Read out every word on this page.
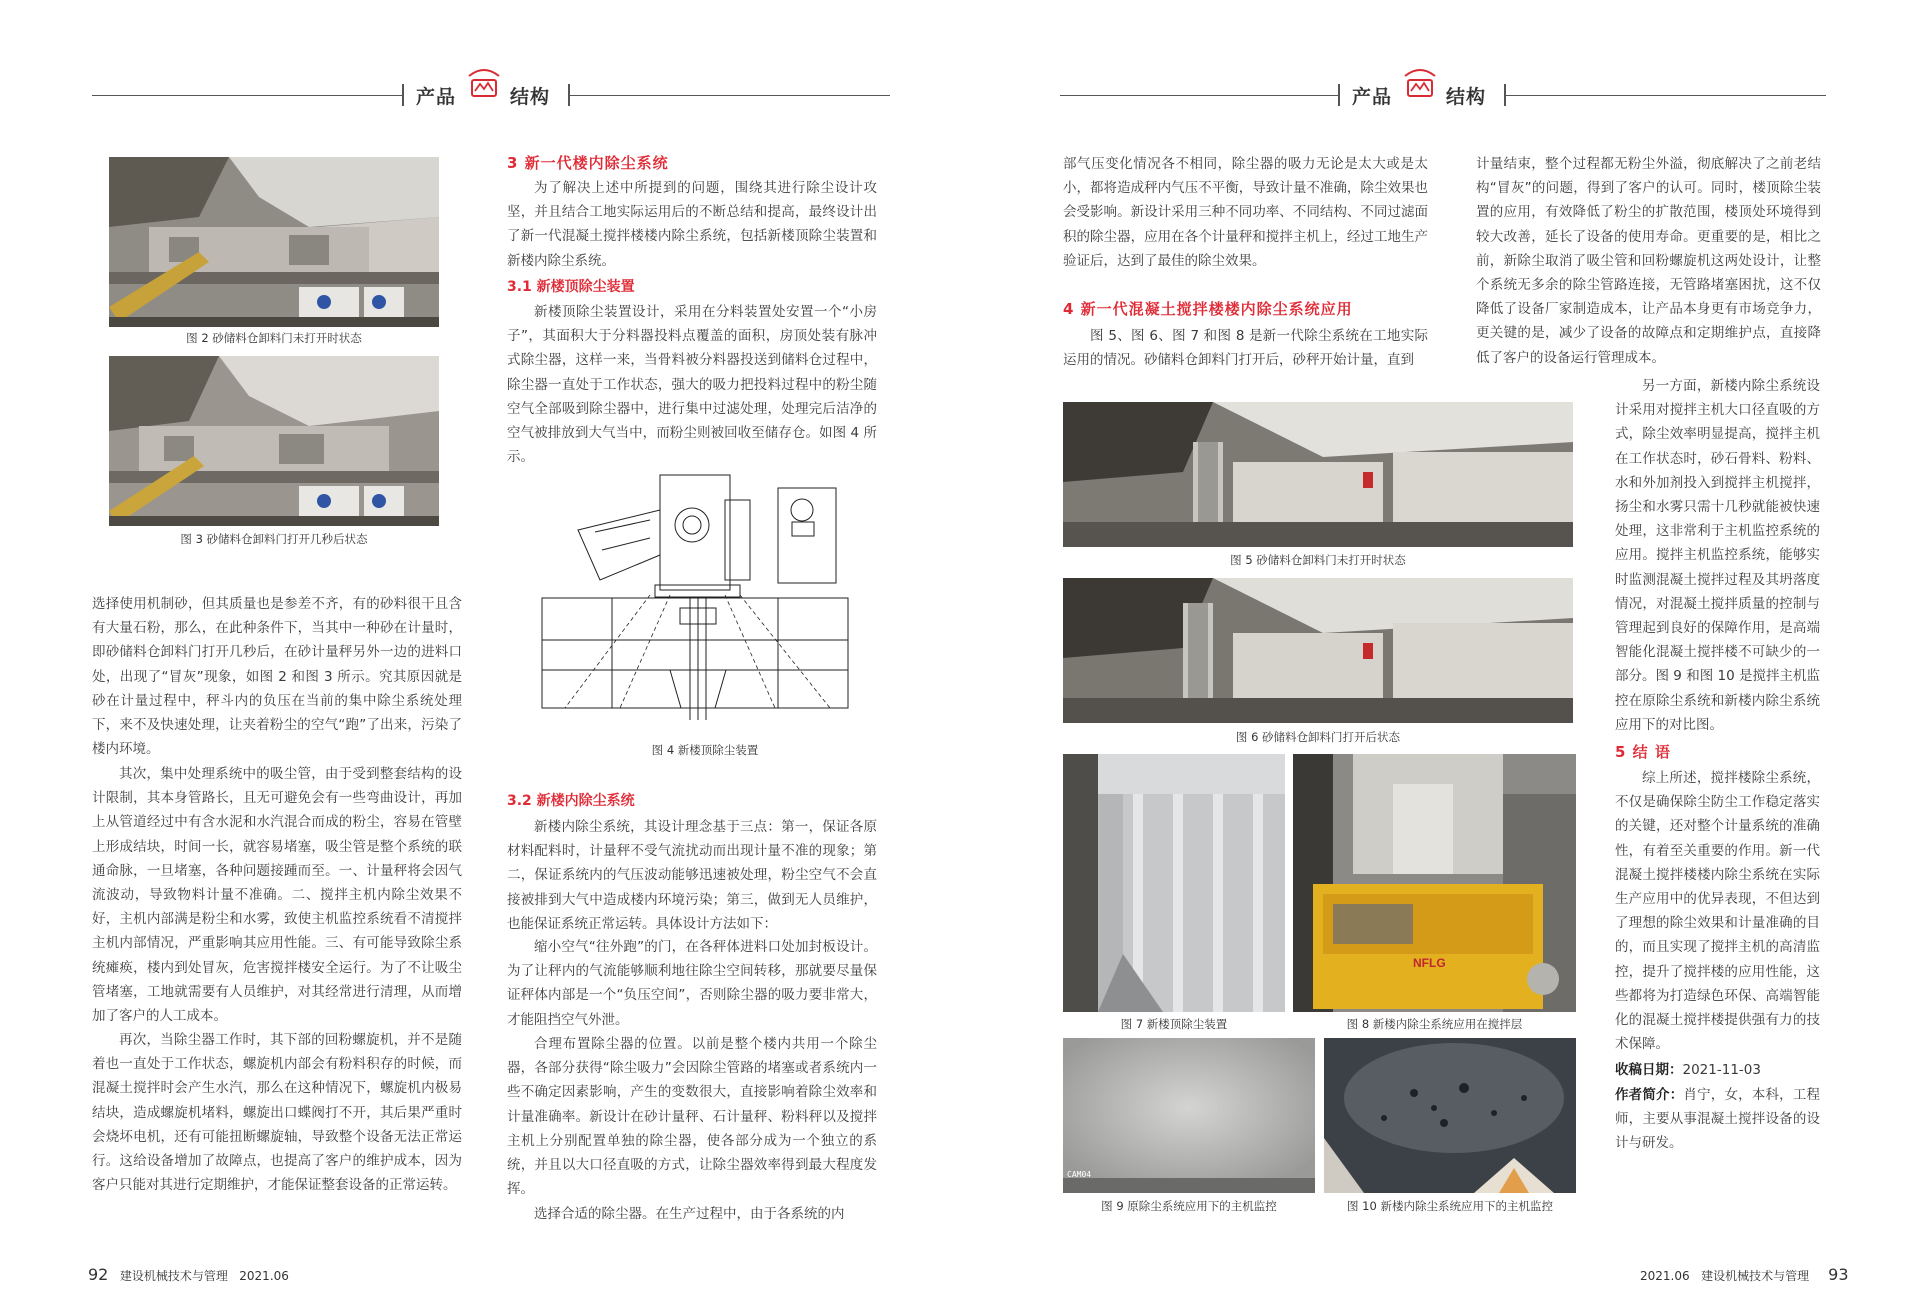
产品	结构
图 2 砂储料仓卸料门未打开时状态
图 3 砂储料仓卸料门打开几秒后状态

选择使用机制砂，但其质量也是参差不齐，有的砂料很干且含有大量石粉，那么，在此种条件下，当其中一种砂在计量时，即砂储料仓卸料门打开几秒后，在砂计量秤另外一边的进料口处，出现了“冒灰”现象，如图 2 和图 3 所示。究其原因就是砂在计量过程中，秤斗内的负压在当前的集中除尘系统处理下，来不及快速处理，让夹着粉尘的空气“跑”了出来，污染了楼内环境。

其次，集中处理系统中的吸尘管，由于受到整套结构的设计限制，其本身管路长，且无可避免会有一些弯曲设计，再加上从管道经过中有含水泥和水汽混合而成的粉尘，容易在管壁上形成结块，时间一长，就容易堵塞，吸尘管是整个系统的联通命脉，一旦堵塞，各种问题接踵而至。一、计量秤将会因气流波动，导致物料计量不准确。二、搅拌主机内除尘效果不好，主机内部满是粉尘和水雾，致使主机监控系统看不清搅拌主机内部情况，严重影响其应用性能。三、有可能导致除尘系统瘫痪，楼内到处冒灰，危害搅拌楼安全运行。为了不让吸尘管堵塞，工地就需要有人员维护，对其经常进行清理，从而增加了客户的人工成本。

再次，当除尘器工作时，其下部的回粉螺旋机，并不是随着也一直处于工作状态，螺旋机内部会有粉料积存的时候，而混凝土搅拌时会产生水汽，那么在这种情况下，螺旋机内极易结块，造成螺旋机堵料，螺旋出口蝶阀打不开，其后果严重时会烧坏电机，还有可能扭断螺旋轴，导致整个设备无法正常运行。这给设备增加了故障点，也提高了客户的维护成本，因为客户只能对其进行定期维护，才能保证整套设备的正常运转。

3 新一代楼内除尘系统

为了解决上述中所提到的问题，围绕其进行除尘设计攻坚，并且结合工地实际运用后的不断总结和提高，最终设计出了新一代混凝土搅拌楼楼内除尘系统，包括新楼顶除尘装置和新楼内除尘系统。

3.1 新楼顶除尘装置

新楼顶除尘装置设计，采用在分料装置处安置一个“小房子”，其面积大于分料器投料点覆盖的面积，房顶处装有脉冲式除尘器，这样一来，当骨料被分料器投送到储料仓过程中，除尘器一直处于工作状态，强大的吸力把投料过程中的粉尘随空气全部吸到除尘器中，进行集中过滤处理，处理完后洁净的空气被排放到大气当中，而粉尘则被回收至储存仓。如图 4 所示。

图 4 新楼顶除尘装置
3.2 新楼内除尘系统

新楼内除尘系统，其设计理念基于三点：第一，保证各原材料配料时，计量秤不受气流扰动而出现计量不准的现象；第二，保证系统内的气压波动能够迅速被处理，粉尘空气不会直接被排到大气中造成楼内环境污染；第三，做到无人员维护，也能保证系统正常运转。具体设计方法如下：

缩小空气“往外跑”的门，在各秤体进料口处加封板设计。为了让秤内的气流能够顺利地往除尘空间转移，那就要尽量保证秤体内部是一个“负压空间”，否则除尘器的吸力要非常大，才能阻挡空气外泄。

合理布置除尘器的位置。以前是整个楼内共用一个除尘器，各部分获得“除尘吸力”会因除尘管路的堵塞或者系统内一些不确定因素影响，产生的变数很大，直接影响着除尘效率和计量准确率。新设计在砂计量秤、石计量秤、粉料秤以及搅拌主机上分别配置单独的除尘器，使各部分成为一个独立的系统，并且以大口径直吸的方式，让除尘器效率得到最大程度发挥。

选择合适的除尘器。在生产过程中，由于各系统的内

92 建设机械技术与管理 2021.06
产品	结构

部气压变化情况各不相同，除尘器的吸力无论是太大或是太小，都将造成秤内气压不平衡，导致计量不准确，除尘效果也会受影响。新设计采用三种不同功率、不同结构、不同过滤面积的除尘器，应用在各个计量秤和搅拌主机上，经过工地生产验证后，达到了最佳的除尘效果。

4 新一代混凝土搅拌楼楼内除尘系统应用

图 5、图 6、图 7 和图 8 是新一代除尘系统在工地实际运用的情况。砂储料仓卸料门打开后，砂秤开始计量，直到

计量结束，整个过程都无粉尘外溢，彻底解决了之前老结构“冒灰”的问题，得到了客户的认可。同时，楼顶除尘装置的应用，有效降低了粉尘的扩散范围，楼顶处环境得到较大改善，延长了设备的使用寿命。更重要的是，相比之前，新除尘取消了吸尘管和回粉螺旋机这两处设计，让整个系统无多余的除尘管路连接，无管路堵塞困扰，这不仅降低了设备厂家制造成本，让产品本身更有市场竞争力，更关键的是，减少了设备的故障点和定期维护点，直接降低了客户的设备运行管理成本。

图 5 砂储料仓卸料门未打开时状态
图 6 砂储料仓卸料门打开后状态

另一方面，新楼内除尘系统设计采用对搅拌主机大口径直吸的方式，除尘效率明显提高，搅拌主机在工作状态时，砂石骨料、粉料、水和外加剂投入到搅拌主机搅拌，扬尘和水雾只需十几秒就能被快速处理，这非常利于主机监控系统的应用。搅拌主机监控系统，能够实时监测混凝土搅拌过程及其坍落度情况，对混凝土搅拌质量的控制与管理起到良好的保障作用，是高端智能化混凝土搅拌楼不可缺少的一部分。图 9 和图 10 是搅拌主机监控在原除尘系统和新楼内除尘系统应用下的对比图。

5 结 语

综上所述，搅拌楼除尘系统，不仅是确保除尘防尘工作稳定落实的关键，还对整个计量系统的准确性，有着至关重要的作用。新一代混凝土搅拌楼楼内除尘系统在实际生产应用中的优异表现，不但达到了理想的除尘效果和计量准确的目的，而且实现了搅拌主机的高清监控，提升了搅拌楼的应用性能，这些都将为打造绿色环保、高端智能化的混凝土搅拌楼提供强有力的技术保障。

图 7 新楼顶除尘装置
NFLG
图 8 新楼内除尘系统应用在搅拌层
CAM04
图 9 原除尘系统应用下的主机监控	图 10 新楼内除尘系统应用下的主机监控
收稿日期：2021-11-03
作者简介：肖宁，女，本科，工程师，主要从事混凝土搅拌设备的设计与研发。
2021.06 建设机械技术与管理 93
